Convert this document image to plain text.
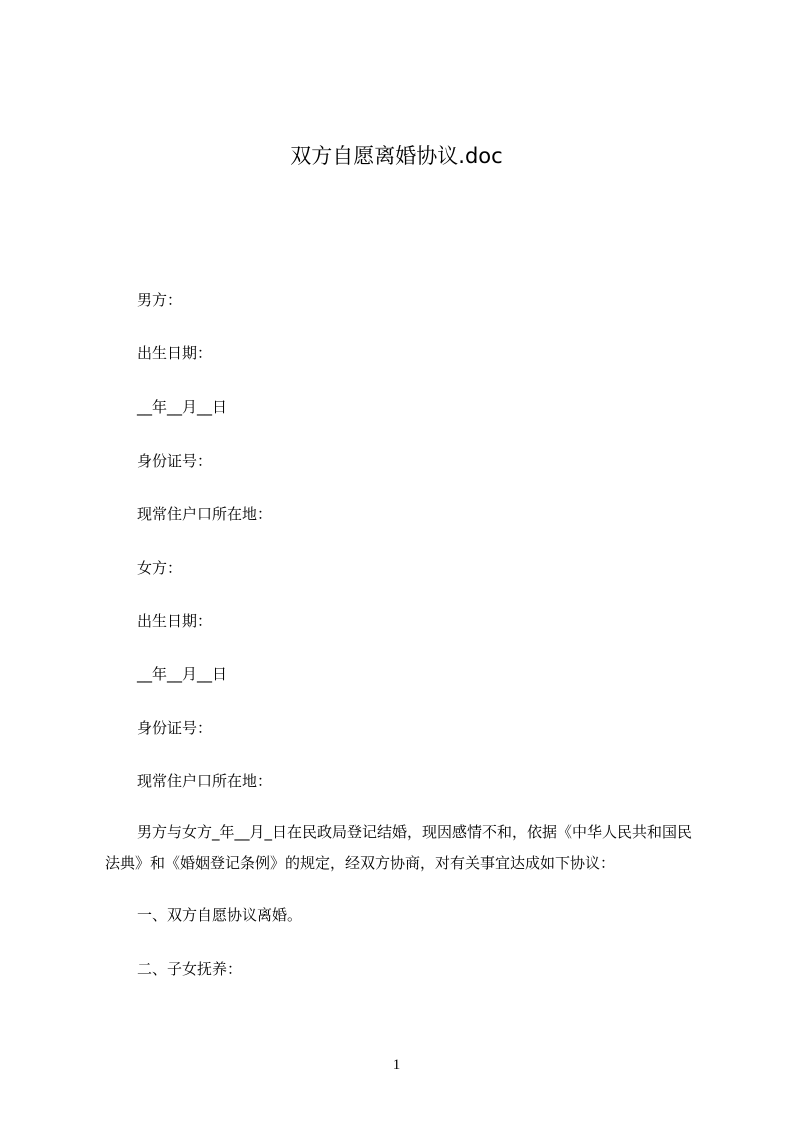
双方自愿离婚协议.doc
男方：
出生日期：
__年__月__日
身份证号：
现常住户口所在地：
女方：
出生日期：
__年__月__日
身份证号：
现常住户口所在地：
男方与女方_年__月_日在民政局登记结婚，现因感情不和，依据《中华人民共和国民法典》和《婚姻登记条例》的规定，经双方协商，对有关事宜达成如下协议：
一、双方自愿协议离婚。
二、子女抚养：
1
